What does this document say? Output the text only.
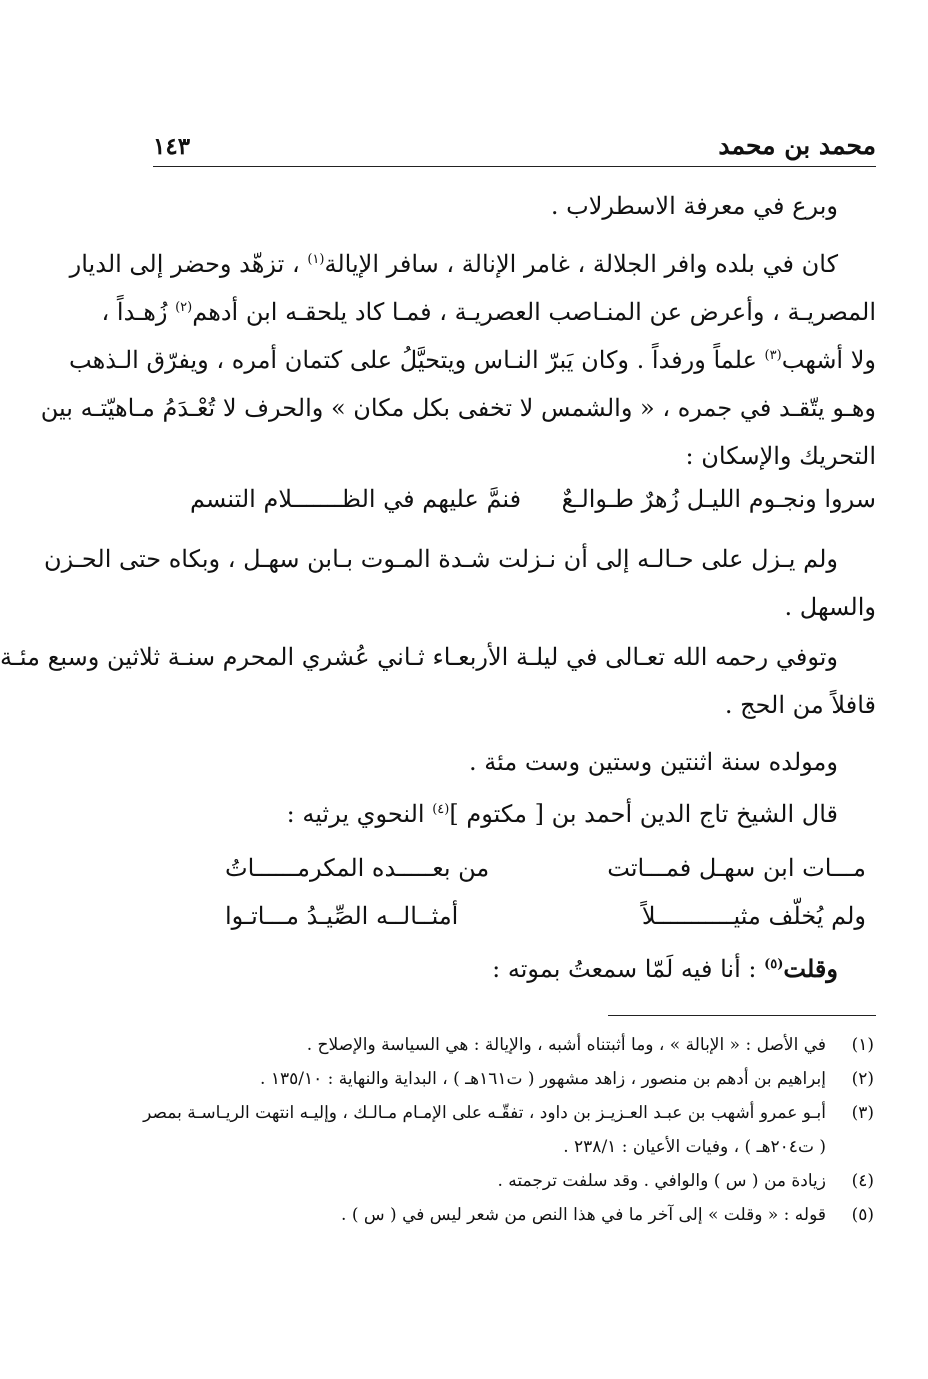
محمد بن محمد
١٤٣
وبرع في معرفة الاسطرلاب .
كان في بلده وافر الجلالة ، غامر الإنالة ، سافر الإيالة$^{(١)}$ ، تزهّد وحضر إلى الديار
المصريـة ، وأعرض عن المنـاصب العصريـة ، فمـا كاد يلحقـه ابن أدهم$^{(٢)}$ زُهـداً ،
ولا أشهب$^{(٣)}$ علماً ورفداً . وكان يَبرّ النـاس ويتحيَّلُ على كتمان أمره ، ويفرّق الـذهب
وهـو يتّقـد في جمره ، « والشمس لا تخفى بكل مكان » والحرف لا تُعْـدَمُ مـاهيّتـه بين
التحريك والإسكان :
سروا ونجـوم الليـل زُهرٌ طـوالـعٌ
فنمَّ عليهم في الظـــــــلام التنسم
ولم يـزل على حـالـه إلى أن نـزلت شـدة المـوت بـابن سهـل ، وبكاه حتى الحـزن
والسهل .
وتوفي رحمه الله تعـالى في ليلـة الأربعـاء ثـاني عُشري المحرم سنـة ثلاثين وسبع مئـة
قافلاً من الحج .
ومولده سنة اثنتين وستين وست مئة .
قال الشيخ تاج الدين أحمد بن [ مكتوم ]$^{(٤)}$ النحوي يرثيه :
مـــات ابن سهـل فمـــاتت
من بعـــــده المكرمــــــاتُ
ولم يُخلّف مثيـــــــــــلاً
أمثــالــه الصِّيـدُ مـــاتـوا
وقلت$^{(٥)}$ : أنا فيه لَمّا سمعتُ بموته :
(١)
في الأصل : « الإبالة » ، وما أثبتناه أشبه ، والإيالة : هي السياسة والإصلاح .
(٢)
إبراهيم بن أدهم بن منصور ، زاهد مشهور ( ت١٦١هـ ) ، البداية والنهاية : ١٣٥/١٠ .
(٣)
أبـو عمرو أشهب بن عبـد العـزيـز بن داود ، تفقّـه على الإمـام مـالـك ، وإليـه انتهت الريـاسـة بمصر
( ت٢٠٤هـ ) ، وفيات الأعيان : ٢٣٨/١ .
(٤)
زيادة من ( س ) والوافي . وقد سلفت ترجمته .
(٥)
قوله : « وقلت » إلى آخر ما في هذا النص من شعر ليس في ( س ) .
